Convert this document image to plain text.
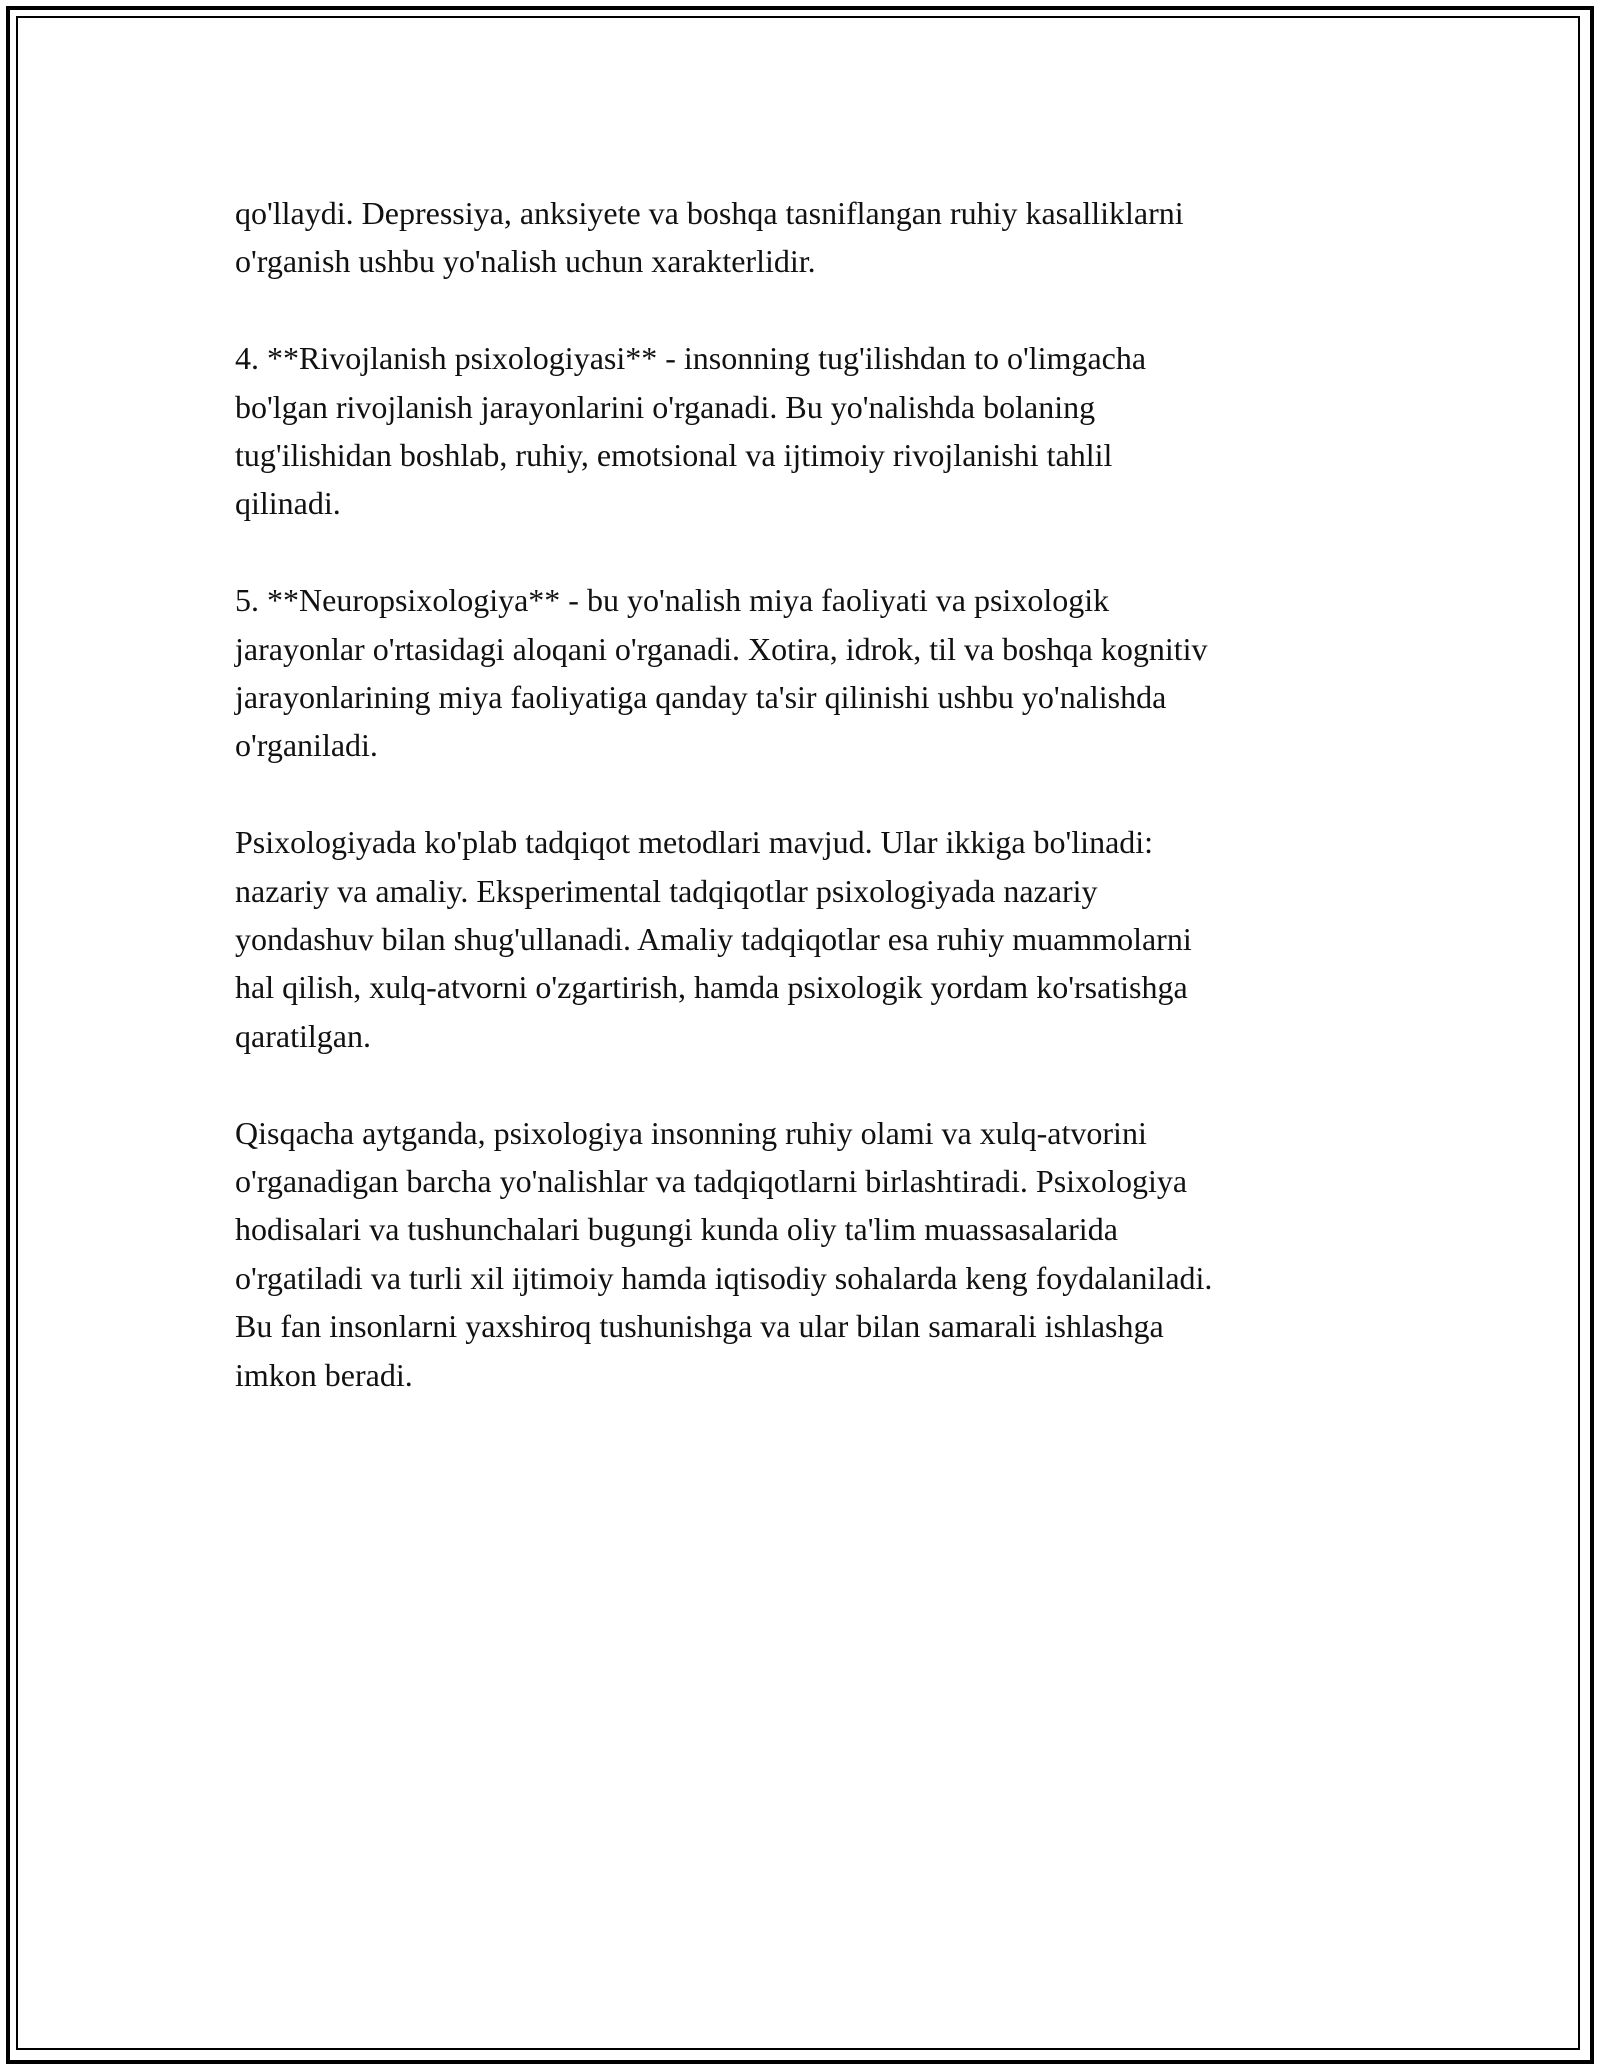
qo'llaydi. Depressiya, anksiyete va boshqa tasniflangan ruhiy kasalliklarni
o'rganish ushbu yo'nalish uchun xarakterlidir.

4. **Rivojlanish psixologiyasi** - insonning tug'ilishdan to o'limgacha
bo'lgan rivojlanish jarayonlarini o'rganadi. Bu yo'nalishda bolaning
tug'ilishidan boshlab, ruhiy, emotsional va ijtimoiy rivojlanishi tahlil
qilinadi.

5. **Neuropsixologiya** - bu yo'nalish miya faoliyati va psixologik
jarayonlar o'rtasidagi aloqani o'rganadi. Xotira, idrok, til va boshqa kognitiv
jarayonlarining miya faoliyatiga qanday ta'sir qilinishi ushbu yo'nalishda
o'rganiladi.

Psixologiyada ko'plab tadqiqot metodlari mavjud. Ular ikkiga bo'linadi:
nazariy va amaliy. Eksperimental tadqiqotlar psixologiyada nazariy
yondashuv bilan shug'ullanadi. Amaliy tadqiqotlar esa ruhiy muammolarni
hal qilish, xulq-atvorni o'zgartirish, hamda psixologik yordam ko'rsatishga
qaratilgan.

Qisqacha aytganda, psixologiya insonning ruhiy olami va xulq-atvorini
o'rganadigan barcha yo'nalishlar va tadqiqotlarni birlashtiradi. Psixologiya
hodisalari va tushunchalari bugungi kunda oliy ta'lim muassasalarida
o'rgatiladi va turli xil ijtimoiy hamda iqtisodiy sohalarda keng foydalaniladi.
Bu fan insonlarni yaxshiroq tushunishga va ular bilan samarali ishlashga
imkon beradi.
